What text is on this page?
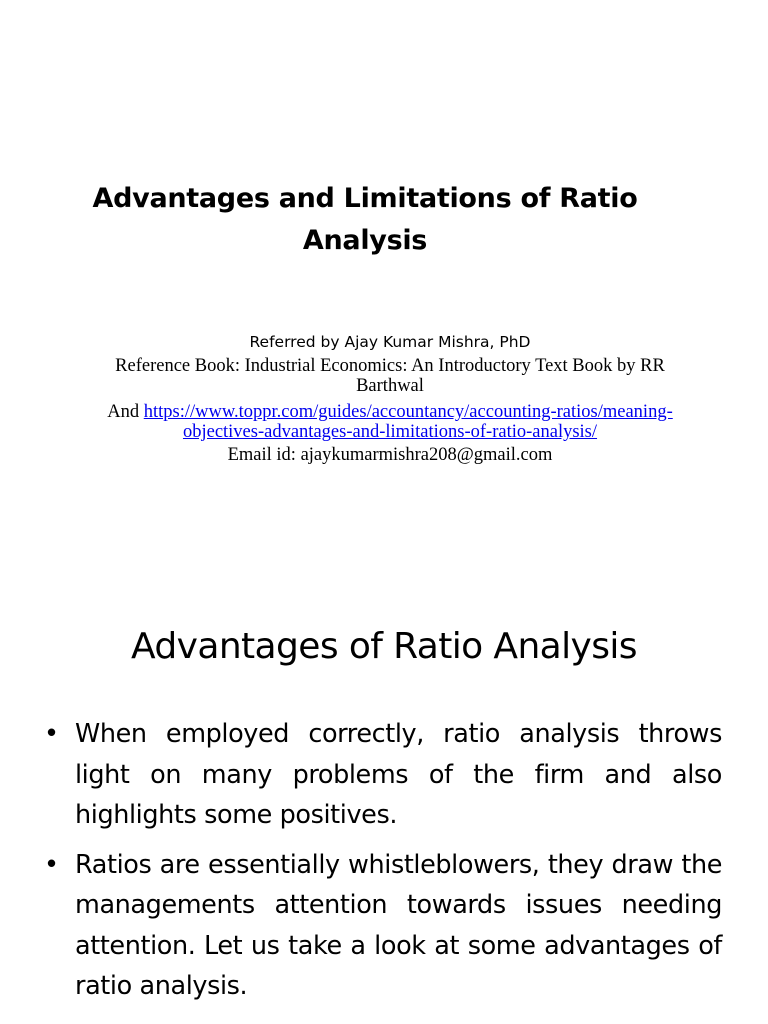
Advantages and Limitations of Ratio Analysis
Referred by Ajay Kumar Mishra, PhD
Reference Book: Industrial Economics: An Introductory Text Book by RR Barthwal
And https://www.toppr.com/guides/accountancy/accounting-ratios/meaning-objectives-advantages-and-limitations-of-ratio-analysis/
Email id: ajaykumarmishra208@gmail.com
Advantages of Ratio Analysis
• When employed correctly, ratio analysis throws light on many problems of the firm and also highlights some positives.
• Ratios are essentially whistleblowers, they draw the managements attention towards issues needing attention. Let us take a look at some advantages of ratio analysis.
